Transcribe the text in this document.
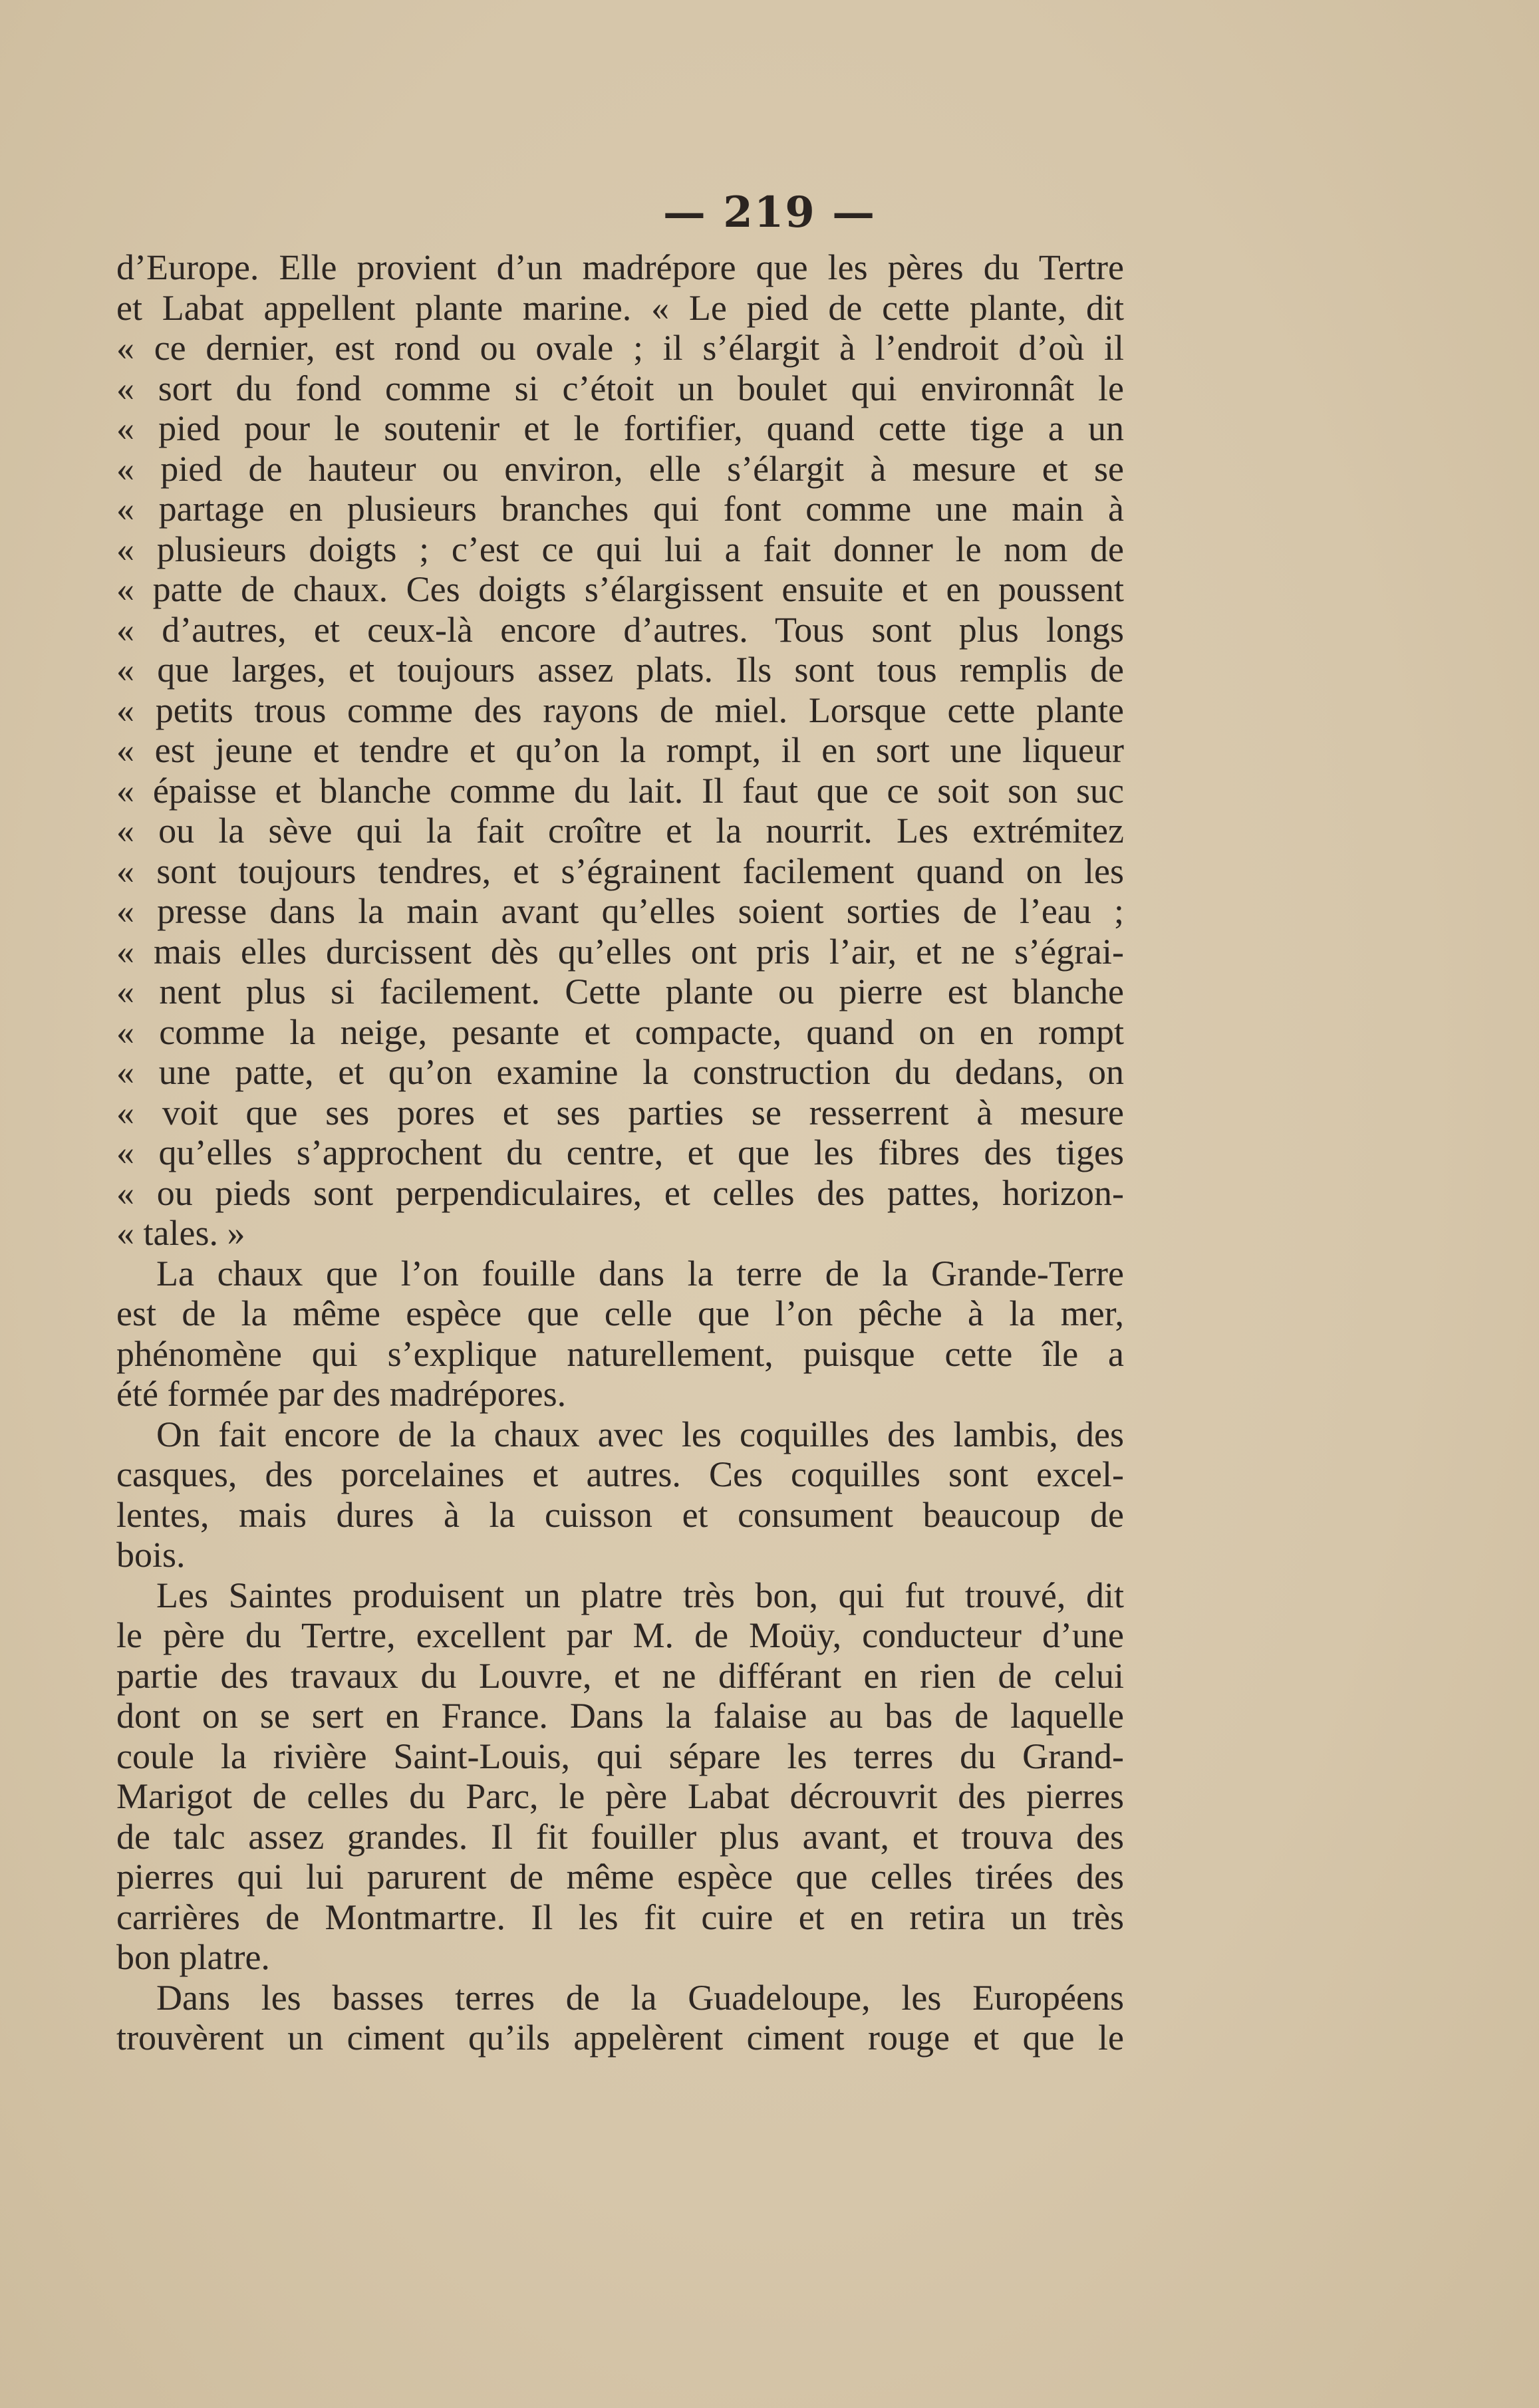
— 219 —
d’Europe. Elle provient d’un madrépore que les pères du Tertre
et Labat appellent plante marine. « Le pied de cette plante, dit
« ce dernier, est rond ou ovale ; il s’élargit à l’endroit d’où il
« sort du fond comme si c’étoit un boulet qui environnât le
« pied pour le soutenir et le fortifier, quand cette tige a un
« pied de hauteur ou environ, elle s’élargit à mesure et se
« partage en plusieurs branches qui font comme une main à
« plusieurs doigts ; c’est ce qui lui a fait donner le nom de
« patte de chaux. Ces doigts s’élargissent ensuite et en poussent
« d’autres, et ceux-là encore d’autres. Tous sont plus longs
« que larges, et toujours assez plats. Ils sont tous remplis de
« petits trous comme des rayons de miel. Lorsque cette plante
« est jeune et tendre et qu’on la rompt, il en sort une liqueur
« épaisse et blanche comme du lait. Il faut que ce soit son suc
« ou la sève qui la fait croître et la nourrit. Les extrémitez
« sont toujours tendres, et s’égrainent facilement quand on les
« presse dans la main avant qu’elles soient sorties de l’eau ;
« mais elles durcissent dès qu’elles ont pris l’air, et ne s’égrai-
« nent plus si facilement. Cette plante ou pierre est blanche
« comme la neige, pesante et compacte, quand on en rompt
« une patte, et qu’on examine la construction du dedans, on
« voit que ses pores et ses parties se resserrent à mesure
« qu’elles s’approchent du centre, et que les fibres des tiges
« ou pieds sont perpendiculaires, et celles des pattes, horizon-
« tales. »
La chaux que l’on fouille dans la terre de la Grande-Terre
est de la même espèce que celle que l’on pêche à la mer,
phénomène qui s’explique naturellement, puisque cette île a
été formée par des madrépores.
On fait encore de la chaux avec les coquilles des lambis, des
casques, des porcelaines et autres. Ces coquilles sont excel-
lentes, mais dures à la cuisson et consument beaucoup de
bois.
Les Saintes produisent un platre très bon, qui fut trouvé, dit
le père du Tertre, excellent par M. de Moüy, conducteur d’une
partie des travaux du Louvre, et ne différant en rien de celui
dont on se sert en France. Dans la falaise au bas de laquelle
coule la rivière Saint-Louis, qui sépare les terres du Grand-
Marigot de celles du Parc, le père Labat décrouvrit des pierres
de talc assez grandes. Il fit fouiller plus avant, et trouva des
pierres qui lui parurent de même espèce que celles tirées des
carrières de Montmartre. Il les fit cuire et en retira un très
bon platre.
Dans les basses terres de la Guadeloupe, les Européens
trouvèrent un ciment qu’ils appelèrent ciment rouge et que le
